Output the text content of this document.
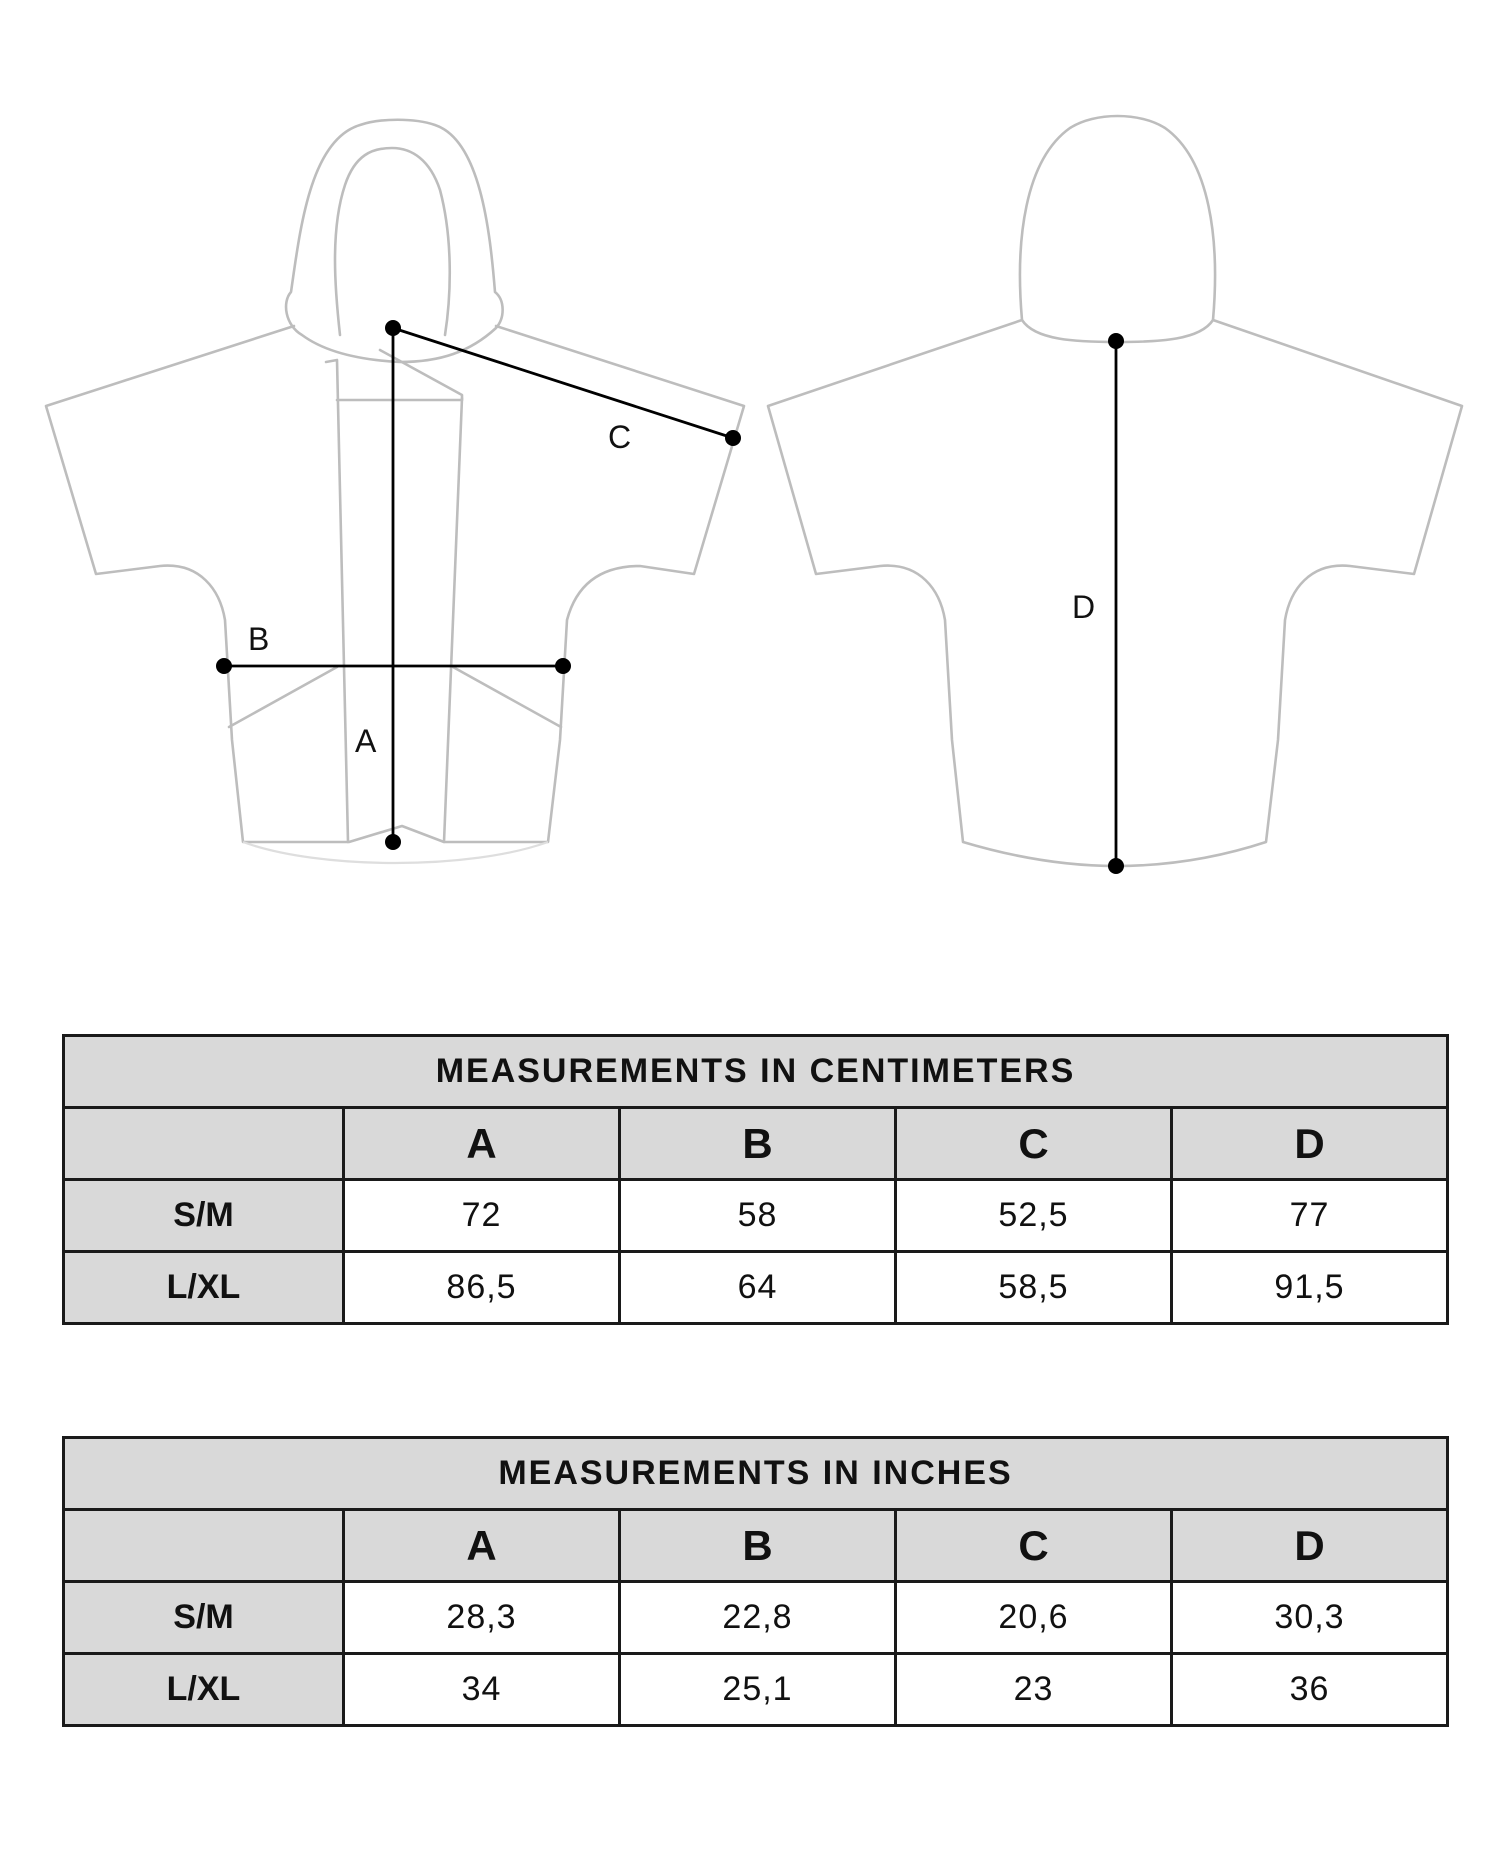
A
B
C
D
MEASUREMENTS IN CENTIMETERS				
	A	B	C	D
S/M	72	58	52,5	77
L/XL	86,5	64	58,5	91,5
MEASUREMENTS IN INCHES				
	A	B	C	D
S/M	28,3	22,8	20,6	30,3
L/XL	34	25,1	23	36
